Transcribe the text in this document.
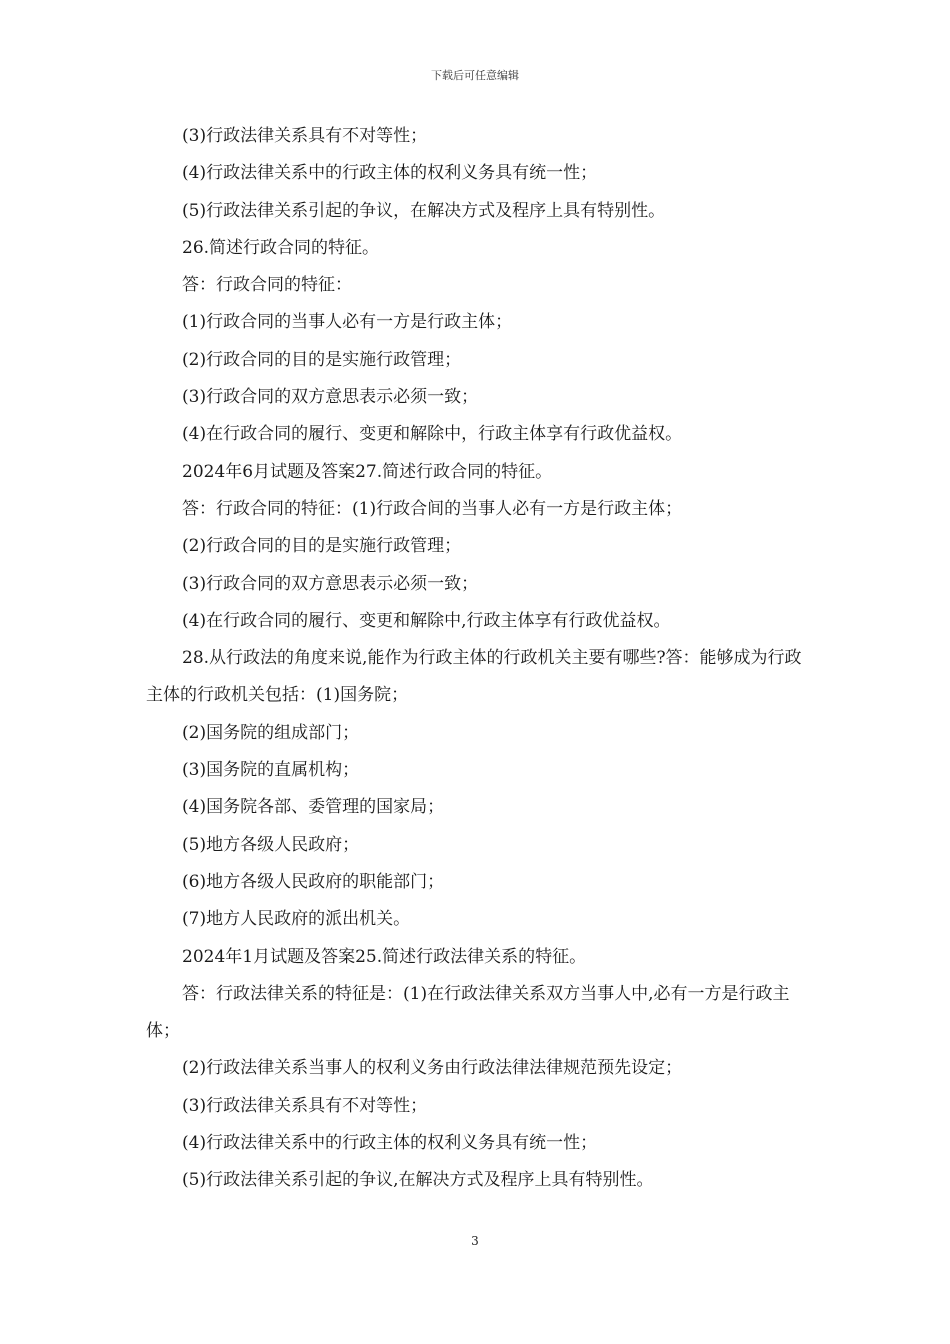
下载后可任意编辑

(3)行政法律关系具有不对等性；

(4)行政法律关系中的行政主体的权利义务具有统一性；

(5)行政法律关系引起的争议，在解决方式及程序上具有特别性。

26.简述行政合同的特征。

答：行政合同的特征：

(1)行政合同的当事人必有一方是行政主体；

(2)行政合同的目的是实施行政管理；

(3)行政合同的双方意思表示必须一致；

(4)在行政合同的履行、变更和解除中，行政主体享有行政优益权。

2024年6月试题及答案27.简述行政合同的特征。

答：行政合同的特征：(1)行政合间的当事人必有一方是行政主体；

(2)行政合同的目的是实施行政管理；

(3)行政合同的双方意思表示必须一致；

(4)在行政合同的履行、变更和解除中,行政主体享有行政优益权。

28.从行政法的角度来说,能作为行政主体的行政机关主要有哪些?答：能够成为行政主体的行政机关包括：(1)国务院；

(2)国务院的组成部门；

(3)国务院的直属机构；

(4)国务院各部、委管理的国家局；

(5)地方各级人民政府；

(6)地方各级人民政府的职能部门；

(7)地方人民政府的派出机关。

2024年1月试题及答案25.简述行政法律关系的特征。

答：行政法律关系的特征是：(1)在行政法律关系双方当事人中,必有一方是行政主体；

(2)行政法律关系当事人的权利义务由行政法律法律规范预先设定；

(3)行政法律关系具有不对等性；

(4)行政法律关系中的行政主体的权利义务具有统一性；

(5)行政法律关系引起的争议,在解决方式及程序上具有特别性。

3
